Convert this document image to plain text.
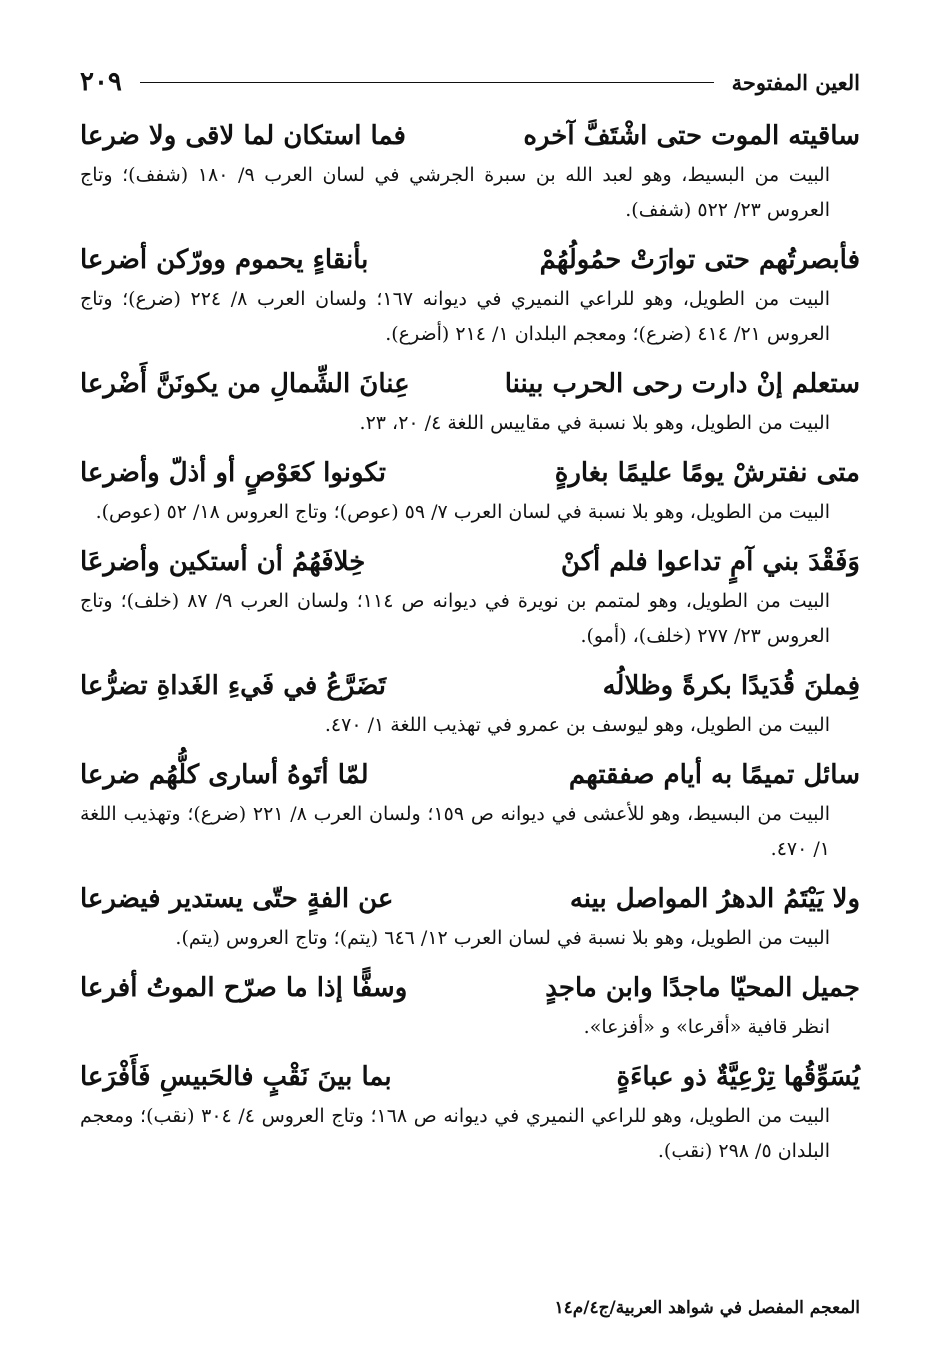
العين المفتوحة
٢٠٩
ساقيته الموت حتى اشْتَفَّ آخره
فما استكان لما لاقى ولا ضرعا
البيت من البسيط، وهو لعبد الله بن سبرة الجرشي في لسان العرب ٩/ ١٨٠ (شفف)؛ وتاج العروس ٢٣/ ٥٢٢ (شفف).
فأبصرتُهم حتى توارَتْ حمُولُهُمْ
بأنقاءٍ يحموم وورّكن أضرعا
البيت من الطويل، وهو للراعي النميري في ديوانه ١٦٧؛ ولسان العرب ٨/ ٢٢٤ (ضرع)؛ وتاج العروس ٢١/ ٤١٤ (ضرع)؛ ومعجم البلدان ١/ ٢١٤ (أضرع).
ستعلم إنْ دارت رحى الحرب بيننا
عِنانَ الشِّمالِ من يكونَنَّ أَضْرعا
البيت من الطويل، وهو بلا نسبة في مقاييس اللغة ٤/ ٢٠، ٢٣.
متى نفترشْ يومًا عليمًا بغارةٍ
تكونوا كعَوْصٍ أو أذلّ وأضرعا
البيت من الطويل، وهو بلا نسبة في لسان العرب ٧/ ٥٩ (عوص)؛ وتاج العروس ١٨/ ٥٢ (عوص).
وَفَقْدَ بني آمٍ تداعوا فلم أكنْ
خِلافَهُمُ أن أستكين وأضرعَا
البيت من الطويل، وهو لمتمم بن نويرة في ديوانه ص ١١٤؛ ولسان العرب ٩/ ٨٧ (خلف)؛ وتاج العروس ٢٣/ ٢٧٧ (خلف)، (أمو).
فِملنَ قُدَيدًا بكرةً وظلالُه
تَضَرَّعُ في فَيءِ الغَداةِ تضرُّعا
البيت من الطويل، وهو ليوسف بن عمرو في تهذيب اللغة ١/ ٤٧٠.
سائل تميمًا به أيام صفقتهم
لمّا أتَوهُ أسارى كلُّهُم ضرعا
البيت من البسيط، وهو للأعشى في ديوانه ص ١٥٩؛ ولسان العرب ٨/ ٢٢١ (ضرع)؛ وتهذيب اللغة ١/ ٤٧٠.
ولا يَيْتَمُ الدهرُ المواصل بينه
عن الفةٍ حتّى يستدير فيضرعا
البيت من الطويل، وهو بلا نسبة في لسان العرب ١٢/ ٦٤٦ (يتم)؛ وتاج العروس (يتم).
جميل المحيّا ماجدًا وابن ماجدٍ
وسفًّا إذا ما صرّح الموتُ أفرعا
انظر قافية «أقرعا» و «أفزعا».
يُسَوِّقُها تِرْعِيَّةٌ ذو عباءَةٍ
بما بينَ نَقْبٍ فالحَبيسِ فَأَفْرَعا
البيت من الطويل، وهو للراعي النميري في ديوانه ص ١٦٨؛ وتاج العروس ٤/ ٣٠٤ (نقب)؛ ومعجم البلدان ٥/ ٢٩٨ (نقب).
المعجم المفصل في شواهد العربية/ج٤/م١٤
